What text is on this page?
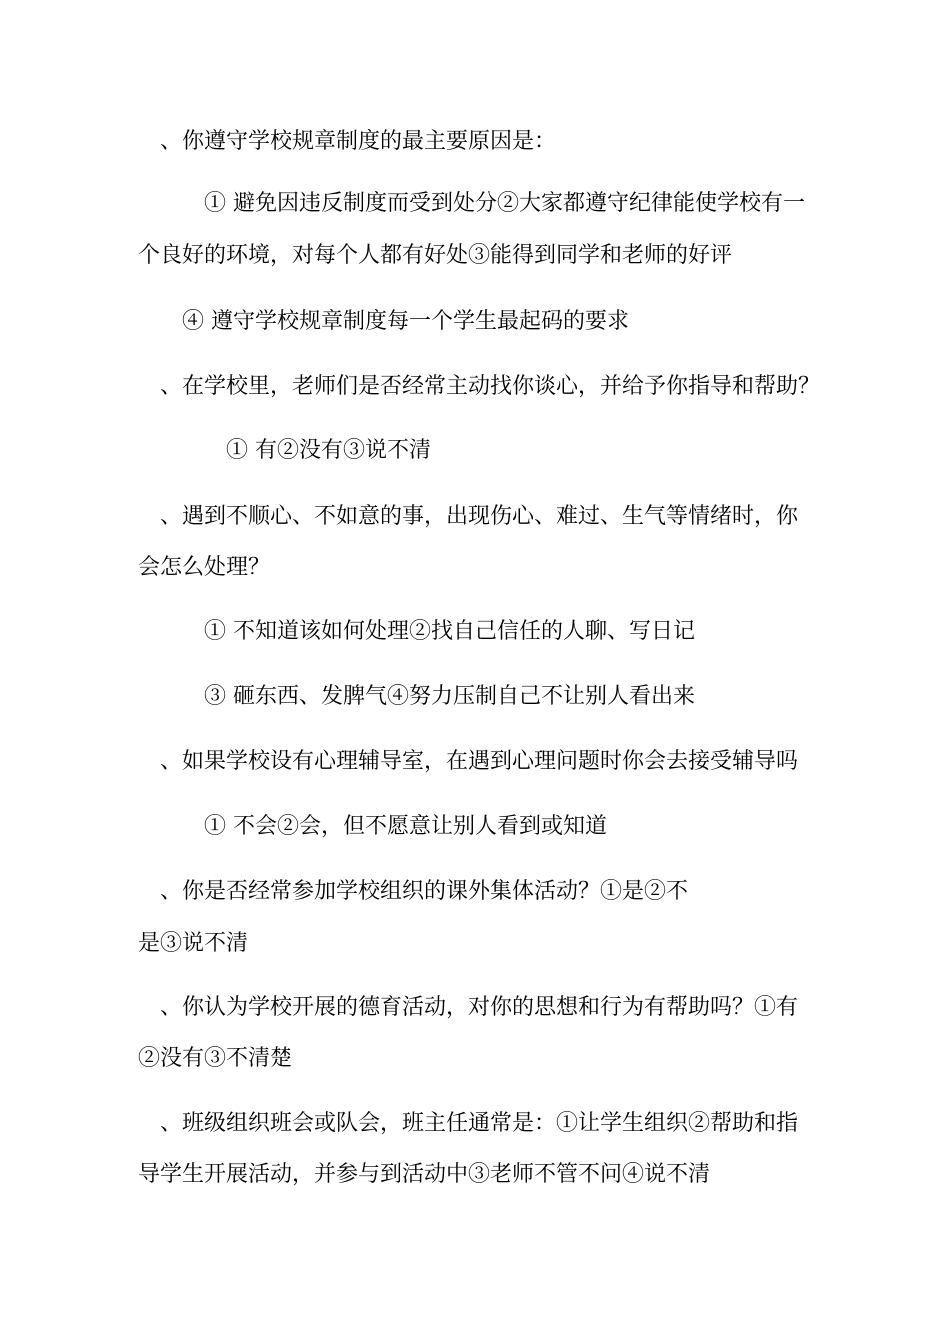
、你遵守学校规章制度的最主要原因是：
① 避免因违反制度而受到处分②大家都遵守纪律能使学校有一
个良好的环境，对每个人都有好处③能得到同学和老师的好评
④ 遵守学校规章制度每一个学生最起码的要求
、在学校里，老师们是否经常主动找你谈心，并给予你指导和帮助？
① 有②没有③说不清
、遇到不顺心、不如意的事，出现伤心、难过、生气等情绪时，你
会怎么处理？
① 不知道该如何处理②找自己信任的人聊、写日记
③ 砸东西、发脾气④努力压制自己不让别人看出来
、如果学校设有心理辅导室，在遇到心理问题时你会去接受辅导吗
① 不会②会，但不愿意让别人看到或知道
、你是否经常参加学校组织的课外集体活动？①是②不
是③说不清
、你认为学校开展的德育活动，对你的思想和行为有帮助吗？①有
②没有③不清楚
、班级组织班会或队会，班主任通常是：①让学生组织②帮助和指
导学生开展活动，并参与到活动中③老师不管不问④说不清
